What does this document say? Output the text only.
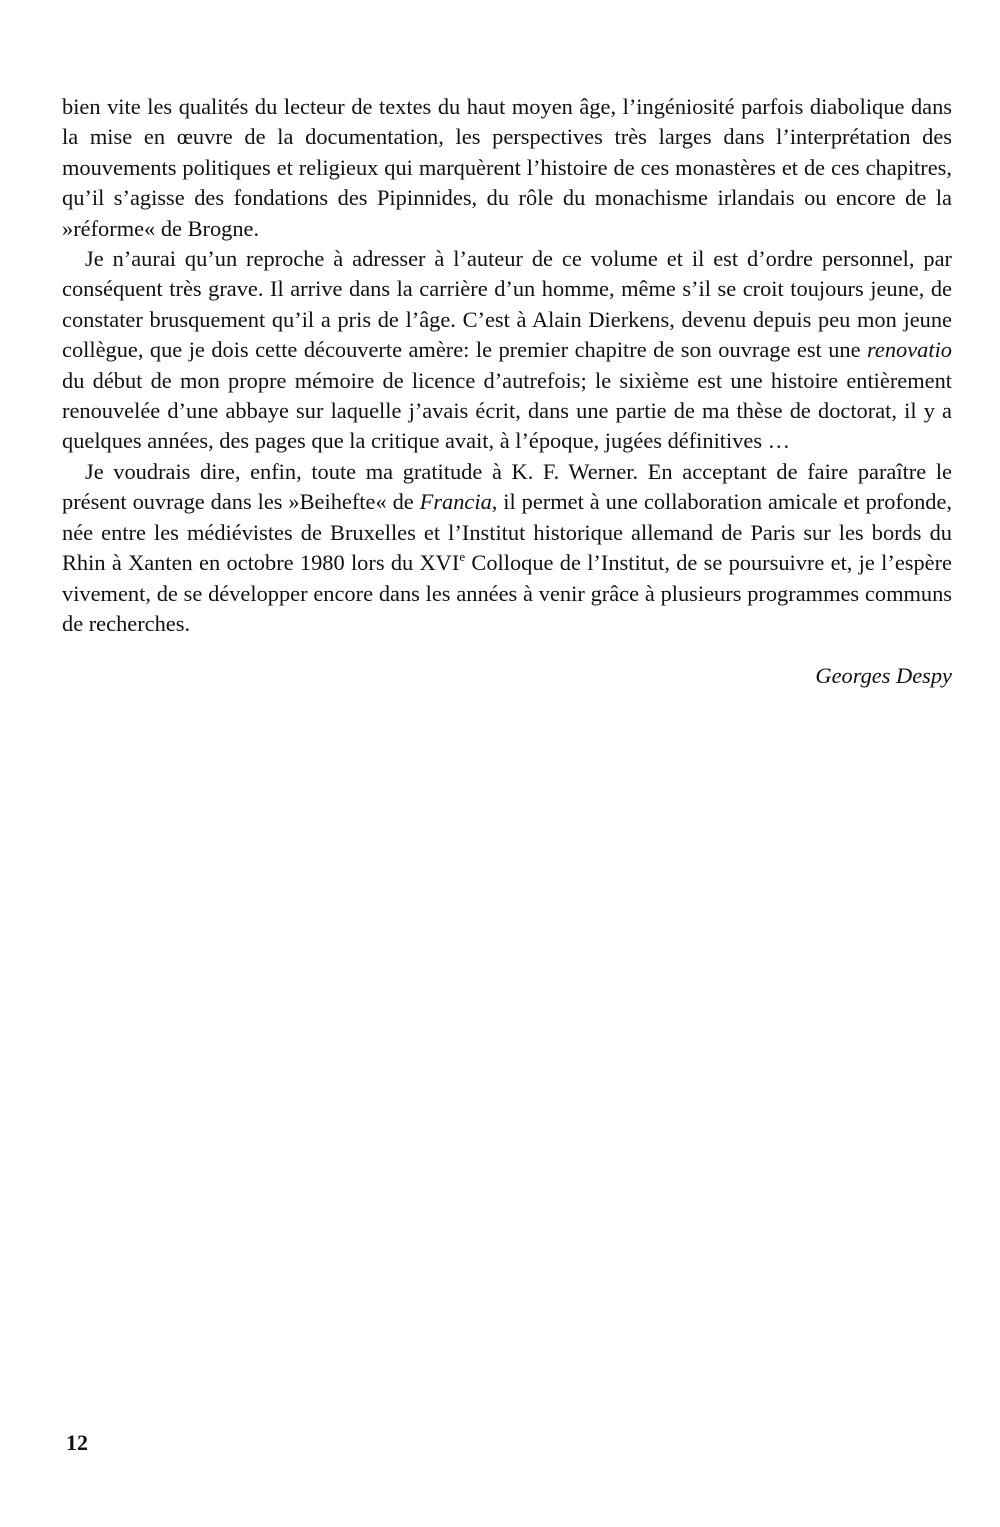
bien vite les qualités du lecteur de textes du haut moyen âge, l’ingéniosité parfois diabolique dans la mise en œuvre de la documentation, les perspectives très larges dans l’interprétation des mouvements politiques et religieux qui marquèrent l’histoire de ces monastères et de ces chapitres, qu’il s’agisse des fondations des Pipinnides, du rôle du monachisme irlandais ou encore de la »réforme« de Brogne.

Je n’aurai qu’un reproche à adresser à l’auteur de ce volume et il est d’ordre personnel, par conséquent très grave. Il arrive dans la carrière d’un homme, même s’il se croit toujours jeune, de constater brusquement qu’il a pris de l’âge. C’est à Alain Dierkens, devenu depuis peu mon jeune collègue, que je dois cette découverte amère: le premier chapitre de son ouvrage est une renovatio du début de mon propre mémoire de licence d’autrefois; le sixième est une histoire entièrement renouvelée d’une abbaye sur laquelle j’avais écrit, dans une partie de ma thèse de doctorat, il y a quelques années, des pages que la critique avait, à l’époque, jugées définitives …

Je voudrais dire, enfin, toute ma gratitude à K. F. Werner. En acceptant de faire paraître le présent ouvrage dans les »Beihefte« de Francia, il permet à une collaboration amicale et profonde, née entre les médiévistes de Bruxelles et l’Institut historique allemand de Paris sur les bords du Rhin à Xanten en octobre 1980 lors du XVIe Colloque de l’Institut, de se poursuivre et, je l’espère vivement, de se développer encore dans les années à venir grâce à plusieurs programmes communs de recherches.

Georges Despy

12
